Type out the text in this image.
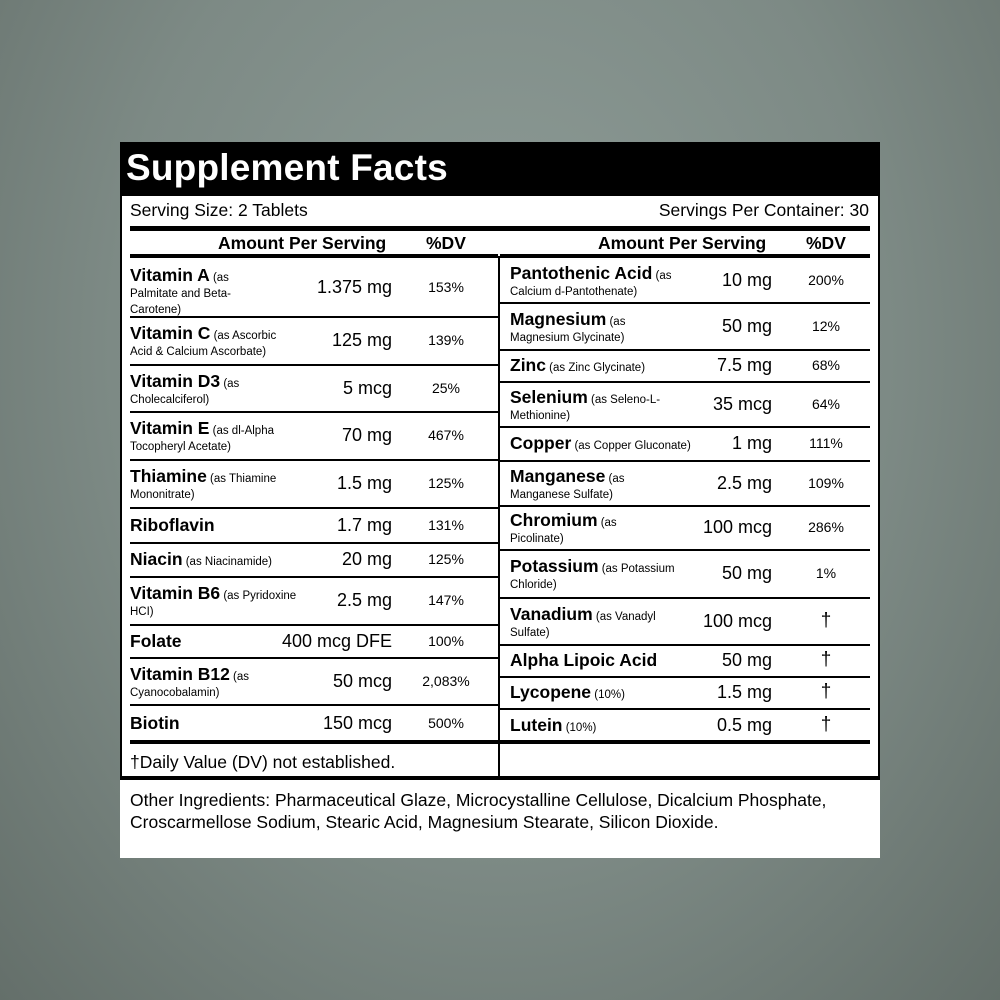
Supplement Facts
Serving Size: 2 Tablets	Servings Per Container: 30
Amount Per Serving %DV	Amount Per Serving %DV
Vitamin A (as
Palmitate and Beta-
Carotene)
1.375 mg	153%
Vitamin C (as Ascorbic
Acid & Calcium Ascorbate)
125 mg	139%
Vitamin D3 (as
Cholecalciferol)
5 mcg	25%
Vitamin E (as dl-Alpha
Tocopheryl Acetate)
70 mg	467%
Thiamine (as Thiamine
Mononitrate)
1.5 mg	125%
Riboflavin	1.7 mg	131%
Niacin (as Niacinamide)	20 mg	125%
Vitamin B6 (as Pyridoxine
HCI)
2.5 mg	147%
Folate	400 mcg DFE	100%
Vitamin B12 (as
Cyanocobalamin)
50 mcg	2,083%
Biotin	150 mcg	500%
Pantothenic Acid (as
Calcium d-Pantothenate)
10 mg	200%
Magnesium (as
Magnesium Glycinate)
50 mg	12%
Zinc (as Zinc Glycinate)	7.5 mg	68%
Selenium (as Seleno-L-
Methionine)
35 mcg	64%
Copper (as Copper Gluconate)	1 mg	111%
Manganese (as
Manganese Sulfate)
2.5 mg	109%
Chromium (as
Picolinate)
100 mcg	286%
Potassium (as Potassium
Chloride)
50 mg	1%
Vanadium (as Vanadyl
Sulfate)
100 mcg	†
Alpha Lipoic Acid	50 mg	†
Lycopene (10%)	1.5 mg	†
Lutein (10%)	0.5 mg	†
†Daily Value (DV) not established.
Other Ingredients: Pharmaceutical Glaze, Microcystalline Cellulose, Dicalcium Phosphate, Croscarmellose Sodium, Stearic Acid, Magnesium Stearate, Silicon Dioxide.
